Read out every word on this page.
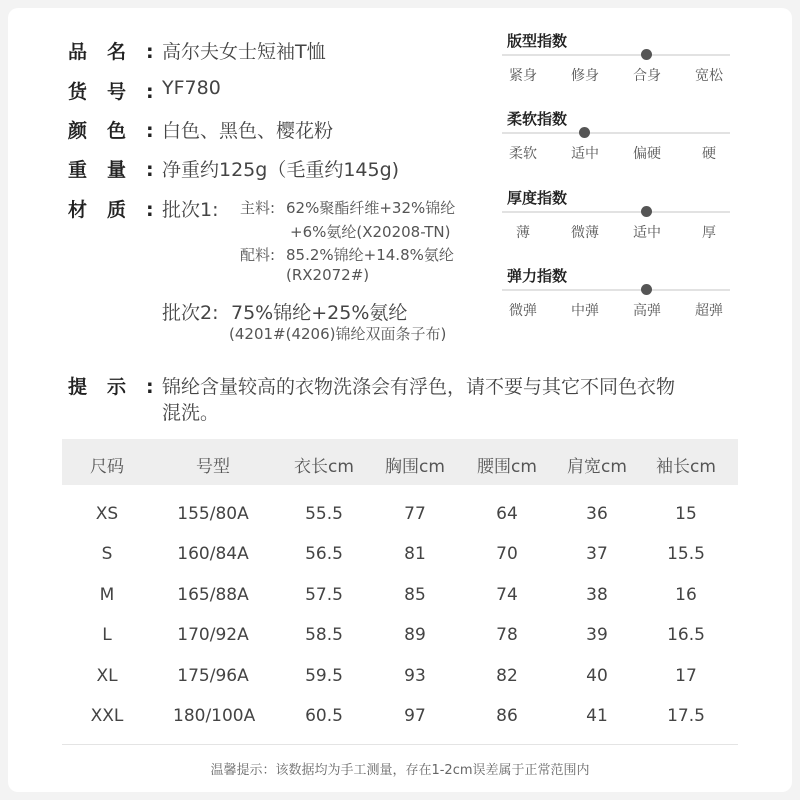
品名:
高尔夫女士短袖T恤
货号:
YF780
颜色:
白色、黑色、樱花粉
重量:
净重约125g（毛重约145g)
材质:
批次1: 主料: 62%聚酯纤维+32%锦纶
+6%氨纶(X20208-TN)
配料: 85.2%锦纶+14.8%氨纶
(RX2072#)
批次2: 75%锦纶+25%氨纶
(4201#(4206)锦纶双面条子布)
提示:
锦纶含量较高的衣物洗涤会有浮色，请不要与其它不同色衣物
混洗。
版型指数
紧身	修身	合身	宽松
柔软指数
柔软	适中	偏硬	硬
厚度指数
薄	微薄	适中	厚
弹力指数
微弹	中弹	高弹	超弹
尺码	号型	衣长cm	胸围cm	腰围cm	肩宽cm	袖长cm
XS	155/80A	55.5	77	64	36	15
S	160/84A	56.5	81	70	37	15.5
M	165/88A	57.5	85	74	38	16
L	170/92A	58.5	89	78	39	16.5
XL	175/96A	59.5	93	82	40	17
XXL	180/100A	60.5	97	86	41	17.5
温馨提示：该数据均为手工测量，存在1-2cm误差属于正常范围内
